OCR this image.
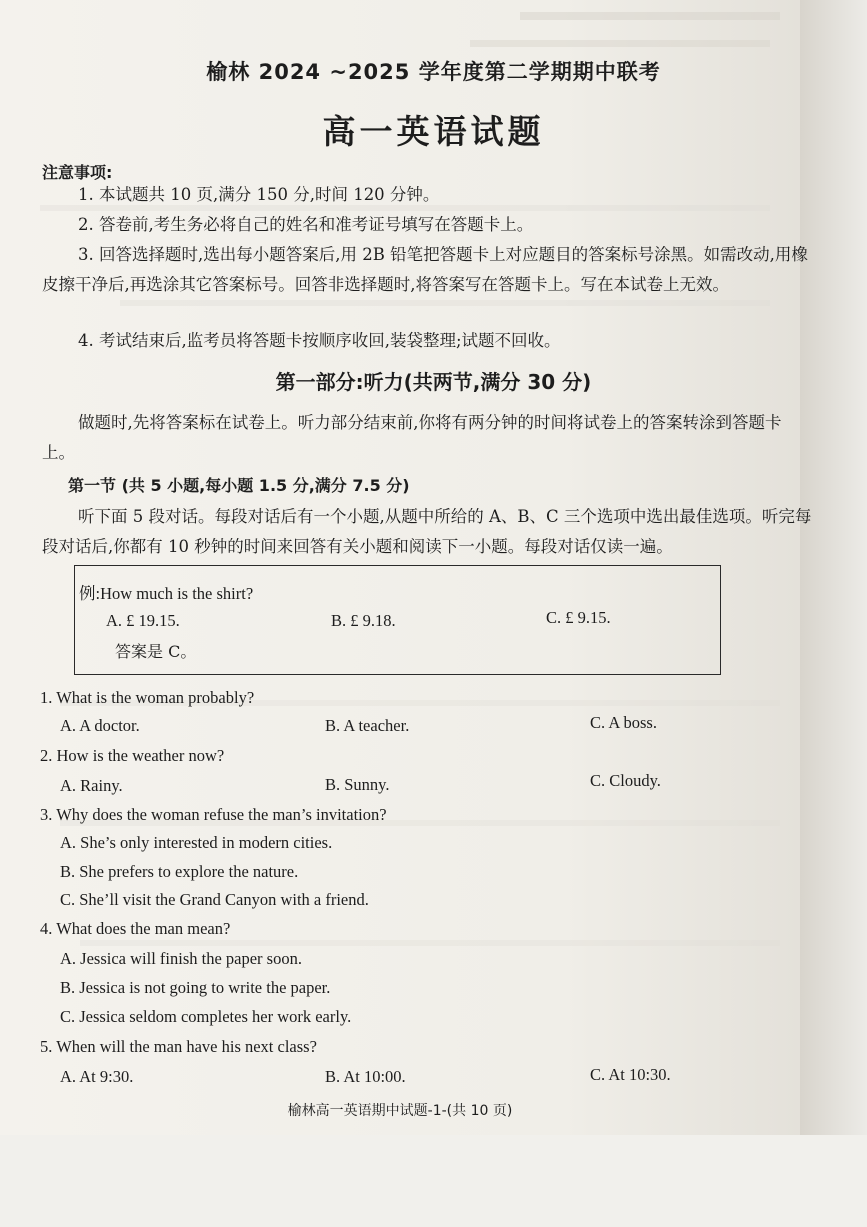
榆林 2024 ~2025 学年度第二学期期中联考
高一英语试题
注意事项:
1. 本试题共 10 页,满分 150 分,时间 120 分钟。
2. 答卷前,考生务必将自己的姓名和准考证号填写在答题卡上。
3. 回答选择题时,选出每小题答案后,用 2B 铅笔把答题卡上对应题目的答案标号涂黑。如需改动,用橡皮擦干净后,再选涂其它答案标号。回答非选择题时,将答案写在答题卡上。写在本试卷上无效。
4. 考试结束后,监考员将答题卡按顺序收回,装袋整理;试题不回收。
第一部分:听力(共两节,满分 30 分)
做题时,先将答案标在试卷上。听力部分结束前,你将有两分钟的时间将试卷上的答案转涂到答题卡上。
第一节 (共 5 小题,每小题 1.5 分,满分 7.5 分)
听下面 5 段对话。每段对话后有一个小题,从题中所给的 A、B、C 三个选项中选出最佳选项。听完每段对话后,你都有 10 秒钟的时间来回答有关小题和阅读下一小题。每段对话仅读一遍。
例:How much is the shirt?
A. £ 19.15.	B. £ 9.18.	C. £ 9.15.
答案是 C。
1. What is the woman probably?
A. A doctor.	B. A teacher.	C. A boss.
2. How is the weather now?
A. Rainy.	B. Sunny.	C. Cloudy.
3. Why does the woman refuse the man’s invitation?
A. She’s only interested in modern cities.
B. She prefers to explore the nature.
C. She’ll visit the Grand Canyon with a friend.
4. What does the man mean?
A. Jessica will finish the paper soon.
B. Jessica is not going to write the paper.
C. Jessica seldom completes her work early.
5. When will the man have his next class?
A. At 9:30.	B. At 10:00.	C. At 10:30.
榆林高一英语期中试题-1-(共 10 页)
